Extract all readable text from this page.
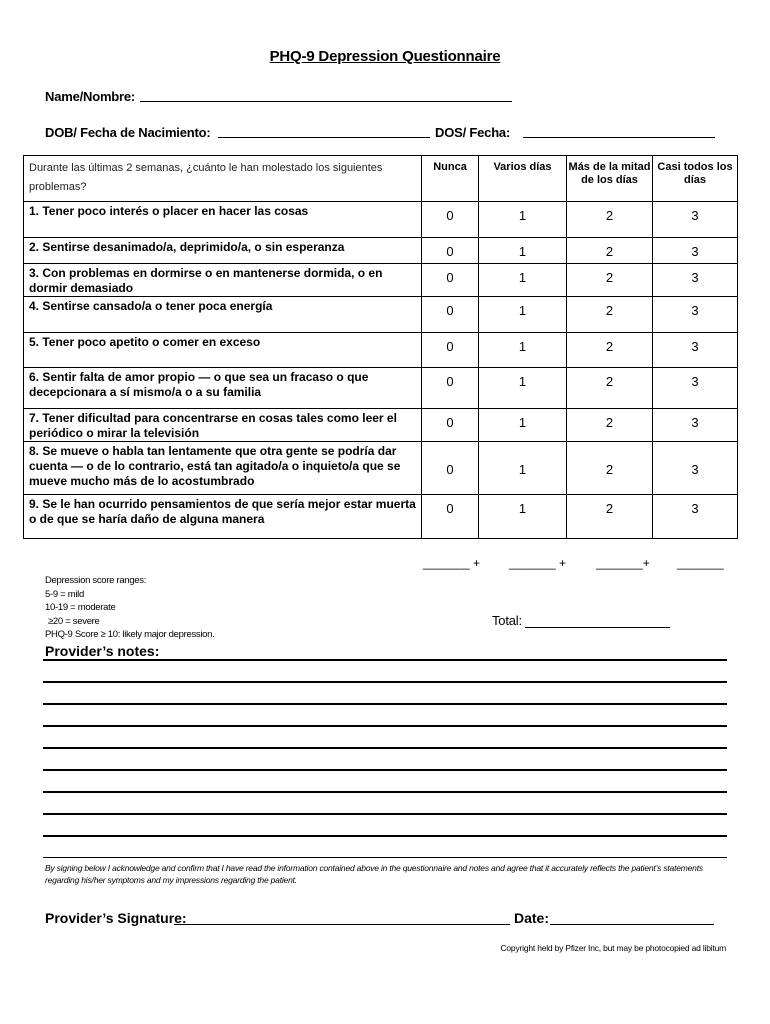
PHQ-9 Depression Questionnaire
Name/Nombre:
DOB/ Fecha de Nacimiento:	DOS/ Fecha:
Durante las últimas 2 semanas, ¿cuánto le han molestado los siguientes problemas?	Nunca	Varios días	Más de la mitad de los días	Casi todos los días
1. Tener poco interés o placer en hacer las cosas	0	1	2	3
2. Sentirse desanimado/a, deprimido/a, o sin esperanza	0	1	2	3
3. Con problemas en dormirse o en mantenerse dormida, o en dormir demasiado	0	1	2	3
4. Sentirse cansado/a o tener poca energía	0	1	2	3
5. Tener poco apetito o comer en exceso	0	1	2	3
6. Sentir falta de amor propio — o que sea un fracaso o que decepcionara a sí mismo/a o a su familia	0	1	2	3
7. Tener dificultad para concentrarse en cosas tales como leer el periódico o mirar la televisión	0	1	2	3
8. Se mueve o habla tan lentamente que otra gente se podría dar cuenta — o de lo contrario, está tan agitado/a o inquieto/a que se mueve mucho más de lo acostumbrado	0	1	2	3
9. Se le han ocurrido pensamientos de que sería mejor estar muerta o de que se haría daño de alguna manera	0	1	2	3
_______ + _______ + _______+ _______
Depression score ranges:
5-9 = mild
10-19 = moderate
≥20 = severe
PHQ-9 Score ≥ 10: likely major depression.
Total:
Provider’s notes:
By signing below I acknowledge and confirm that I have read the information contained above in the questionnaire and notes and agree that it accurately reflects the patient’s statements regarding his/her symptoms and my impressions regarding the patient.
Provider’s Signature:	Date:
Copyright held by Pfizer Inc, but may be photocopied ad libitum
